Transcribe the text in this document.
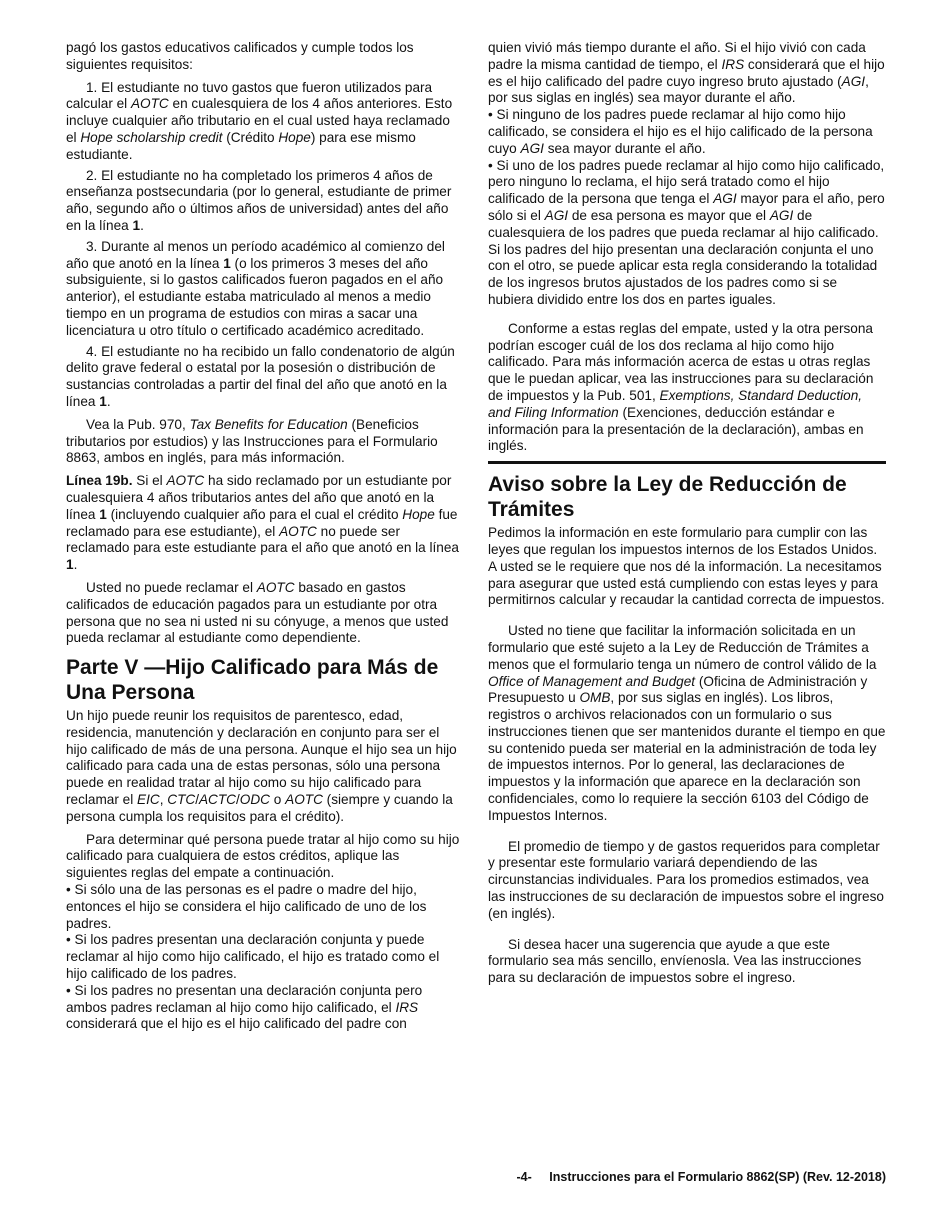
pagó los gastos educativos calificados y cumple todos los siguientes requisitos:

1. El estudiante no tuvo gastos que fueron utilizados para calcular el AOTC en cualesquiera de los 4 años anteriores. Esto incluye cualquier año tributario en el cual usted haya reclamado el Hope scholarship credit (Crédito Hope) para ese mismo estudiante.

2. El estudiante no ha completado los primeros 4 años de enseñanza postsecundaria (por lo general, estudiante de primer año, segundo año o últimos años de universidad) antes del año en la línea 1.

3. Durante al menos un período académico al comienzo del año que anotó en la línea 1 (o los primeros 3 meses del año subsiguiente, si lo gastos calificados fueron pagados en el año anterior), el estudiante estaba matriculado al menos a medio tiempo en un programa de estudios con miras a sacar una licenciatura u otro título o certificado académico acreditado.

4. El estudiante no ha recibido un fallo condenatorio de algún delito grave federal o estatal por la posesión o distribución de sustancias controladas a partir del final del año que anotó en la línea 1.

Vea la Pub. 970, Tax Benefits for Education (Beneficios tributarios por estudios) y las Instrucciones para el Formulario 8863, ambos en inglés, para más información.

Línea 19b. Si el AOTC ha sido reclamado por un estudiante por cualesquiera 4 años tributarios antes del año que anotó en la línea 1 (incluyendo cualquier año para el cual el crédito Hope fue reclamado para ese estudiante), el AOTC no puede ser reclamado para este estudiante para el año que anotó en la línea 1.

Usted no puede reclamar el AOTC basado en gastos calificados de educación pagados para un estudiante por otra persona que no sea ni usted ni su cónyuge, a menos que usted pueda reclamar al estudiante como dependiente.

Parte V —Hijo Calificado para Más de Una Persona

Un hijo puede reunir los requisitos de parentesco, edad, residencia, manutención y declaración en conjunto para ser el hijo calificado de más de una persona. Aunque el hijo sea un hijo calificado para cada una de estas personas, sólo una persona puede en realidad tratar al hijo como su hijo calificado para reclamar el EIC, CTC/ACTC/ODC o AOTC (siempre y cuando la persona cumpla los requisitos para el crédito).

Para determinar qué persona puede tratar al hijo como su hijo calificado para cualquiera de estos créditos, aplique las siguientes reglas del empate a continuación.

• Si sólo una de las personas es el padre o madre del hijo, entonces el hijo se considera el hijo calificado de uno de los padres.

• Si los padres presentan una declaración conjunta y puede reclamar al hijo como hijo calificado, el hijo es tratado como el hijo calificado de los padres.

• Si los padres no presentan una declaración conjunta pero ambos padres reclaman al hijo como hijo calificado, el IRS considerará que el hijo es el hijo calificado del padre con

quien vivió más tiempo durante el año. Si el hijo vivió con cada padre la misma cantidad de tiempo, el IRS considerará que el hijo es el hijo calificado del padre cuyo ingreso bruto ajustado (AGI, por sus siglas en inglés) sea mayor durante el año.

• Si ninguno de los padres puede reclamar al hijo como hijo calificado, se considera el hijo es el hijo calificado de la persona cuyo AGI sea mayor durante el año.

• Si uno de los padres puede reclamar al hijo como hijo calificado, pero ninguno lo reclama, el hijo será tratado como el hijo calificado de la persona que tenga el AGI mayor para el año, pero sólo si el AGI de esa persona es mayor que el AGI de cualesquiera de los padres que pueda reclamar al hijo calificado. Si los padres del hijo presentan una declaración conjunta el uno con el otro, se puede aplicar esta regla considerando la totalidad de los ingresos brutos ajustados de los padres como si se hubiera dividido entre los dos en partes iguales.

Conforme a estas reglas del empate, usted y la otra persona podrían escoger cuál de los dos reclama al hijo como hijo calificado. Para más información acerca de estas u otras reglas que le puedan aplicar, vea las instrucciones para su declaración de impuestos y la Pub. 501, Exemptions, Standard Deduction, and Filing Information (Exenciones, deducción estándar e información para la presentación de la declaración), ambas en inglés.

Aviso sobre la Ley de Reducción de Trámites

Pedimos la información en este formulario para cumplir con las leyes que regulan los impuestos internos de los Estados Unidos. A usted se le requiere que nos dé la información. La necesitamos para asegurar que usted está cumpliendo con estas leyes y para permitirnos calcular y recaudar la cantidad correcta de impuestos.

Usted no tiene que facilitar la información solicitada en un formulario que esté sujeto a la Ley de Reducción de Trámites a menos que el formulario tenga un número de control válido de la Office of Management and Budget (Oficina de Administración y Presupuesto u OMB, por sus siglas en inglés). Los libros, registros o archivos relacionados con un formulario o sus instrucciones tienen que ser mantenidos durante el tiempo en que su contenido pueda ser material en la administración de toda ley de impuestos internos. Por lo general, las declaraciones de impuestos y la información que aparece en la declaración son confidenciales, como lo requiere la sección 6103 del Código de Impuestos Internos.

El promedio de tiempo y de gastos requeridos para completar y presentar este formulario variará dependiendo de las circunstancias individuales. Para los promedios estimados, vea las instrucciones de su declaración de impuestos sobre el ingreso (en inglés).

Si desea hacer una sugerencia que ayude a que este formulario sea más sencillo, envíenosla. Vea las instrucciones para su declaración de impuestos sobre el ingreso.

-4- Instrucciones para el Formulario 8862(SP) (Rev. 12-2018)
